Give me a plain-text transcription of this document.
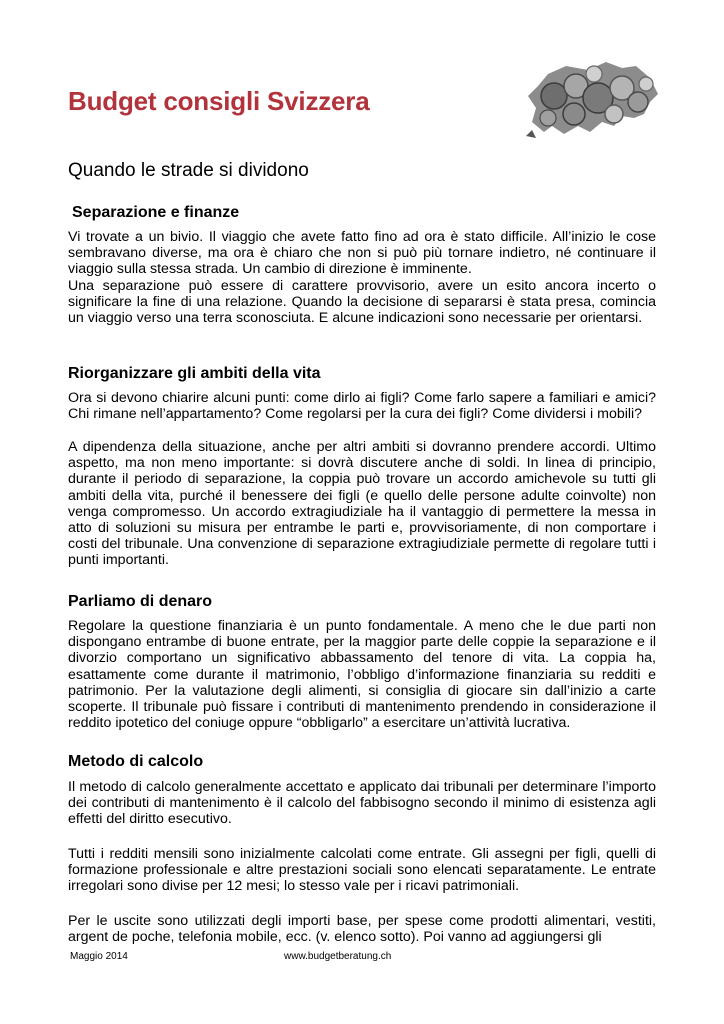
Budget consigli Svizzera
Quando le strade si dividono
Separazione e finanze

Vi trovate a un bivio. Il viaggio che avete fatto fino ad ora è stato difficile. All’inizio le cose sembravano diverse, ma ora è chiaro che non si può più tornare indietro, né continuare il viaggio sulla stessa strada. Un cambio di direzione è imminente.

Una separazione può essere di carattere provvisorio, avere un esito ancora incerto o significare la fine di una relazione. Quando la decisione di separarsi è stata presa, comincia un viaggio verso una terra sconosciuta. E alcune indicazioni sono necessarie per orientarsi.

Riorganizzare gli ambiti della vita

Ora si devono chiarire alcuni punti: come dirlo ai figli? Come farlo sapere a familiari e amici? Chi rimane nell’appartamento? Come regolarsi per la cura dei figli? Come dividersi i mobili?

A dipendenza della situazione, anche per altri ambiti si dovranno prendere accordi. Ultimo aspetto, ma non meno importante: si dovrà discutere anche di soldi. In linea di principio, durante il periodo di separazione, la coppia può trovare un accordo amichevole su tutti gli ambiti della vita, purché il benessere dei figli (e quello delle persone adulte coinvolte) non venga compromesso. Un accordo extragiudiziale ha il vantaggio di permettere la messa in atto di soluzioni su misura per entrambe le parti e, provvisoriamente, di non comportare i costi del tribunale. Una convenzione di separazione extragiudiziale permette di regolare tutti i punti importanti.

Parliamo di denaro

Regolare la questione finanziaria è un punto fondamentale. A meno che le due parti non dispongano entrambe di buone entrate, per la maggior parte delle coppie la separazione e il divorzio comportano un significativo abbassamento del tenore di vita. La coppia ha, esattamente come durante il matrimonio, l’obbligo d’informazione finanziaria su redditi e patrimonio. Per la valutazione degli alimenti, si consiglia di giocare sin dall’inizio a carte scoperte. Il tribunale può fissare i contributi di mantenimento prendendo in considerazione il reddito ipotetico del coniuge oppure “obbligarlo” a esercitare un’attività lucrativa.

Metodo di calcolo

Il metodo di calcolo generalmente accettato e applicato dai tribunali per determinare l’importo dei contributi di mantenimento è il calcolo del fabbisogno secondo il minimo di esistenza agli effetti del diritto esecutivo.

Tutti i redditi mensili sono inizialmente calcolati come entrate. Gli assegni per figli, quelli di formazione professionale e altre prestazioni sociali sono elencati separatamente. Le entrate irregolari sono divise per 12 mesi; lo stesso vale per i ricavi patrimoniali.

Per le uscite sono utilizzati degli importi base, per spese come prodotti alimentari, vestiti, argent de poche, telefonia mobile, ecc. (v. elenco sotto). Poi vanno ad aggiungersi gli

Maggio 2014	www.budgetberatung.ch
